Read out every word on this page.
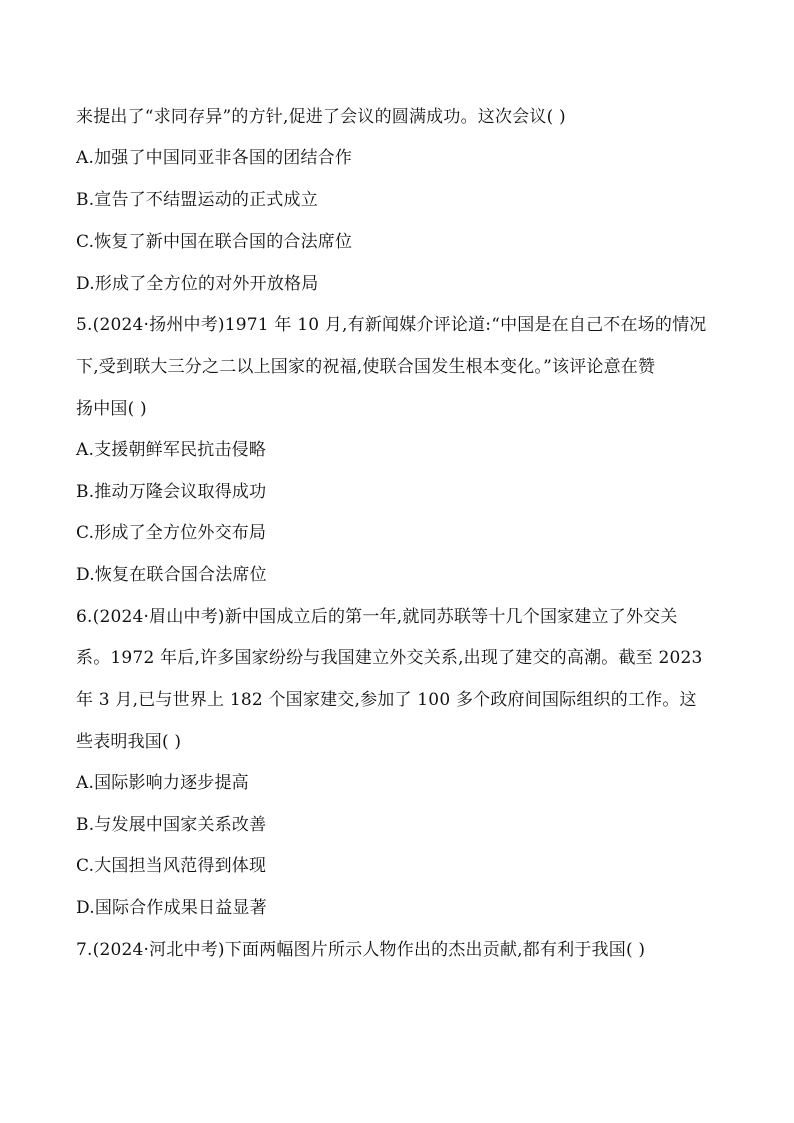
来提出了“求同存异”的方针,促进了会议的圆满成功。这次会议( )
A.加强了中国同亚非各国的团结合作
B.宣告了不结盟运动的正式成立
C.恢复了新中国在联合国的合法席位
D.形成了全方位的对外开放格局
5.(2024·扬州中考)1971 年 10 月,有新闻媒介评论道:“中国是在自己不在场的情况
下,受到联大三分之二以上国家的祝福,使联合国发生根本变化。”该评论意在赞
扬中国( )
A.支援朝鲜军民抗击侵略
B.推动万隆会议取得成功
C.形成了全方位外交布局
D.恢复在联合国合法席位
6.(2024·眉山中考)新中国成立后的第一年,就同苏联等十几个国家建立了外交关
系。1972 年后,许多国家纷纷与我国建立外交关系,出现了建交的高潮。截至 2023
年 3 月,已与世界上 182 个国家建交,参加了 100 多个政府间国际组织的工作。这
些表明我国( )
A.国际影响力逐步提高
B.与发展中国家关系改善
C.大国担当风范得到体现
D.国际合作成果日益显著
7.(2024·河北中考)下面两幅图片所示人物作出的杰出贡献,都有利于我国( )
